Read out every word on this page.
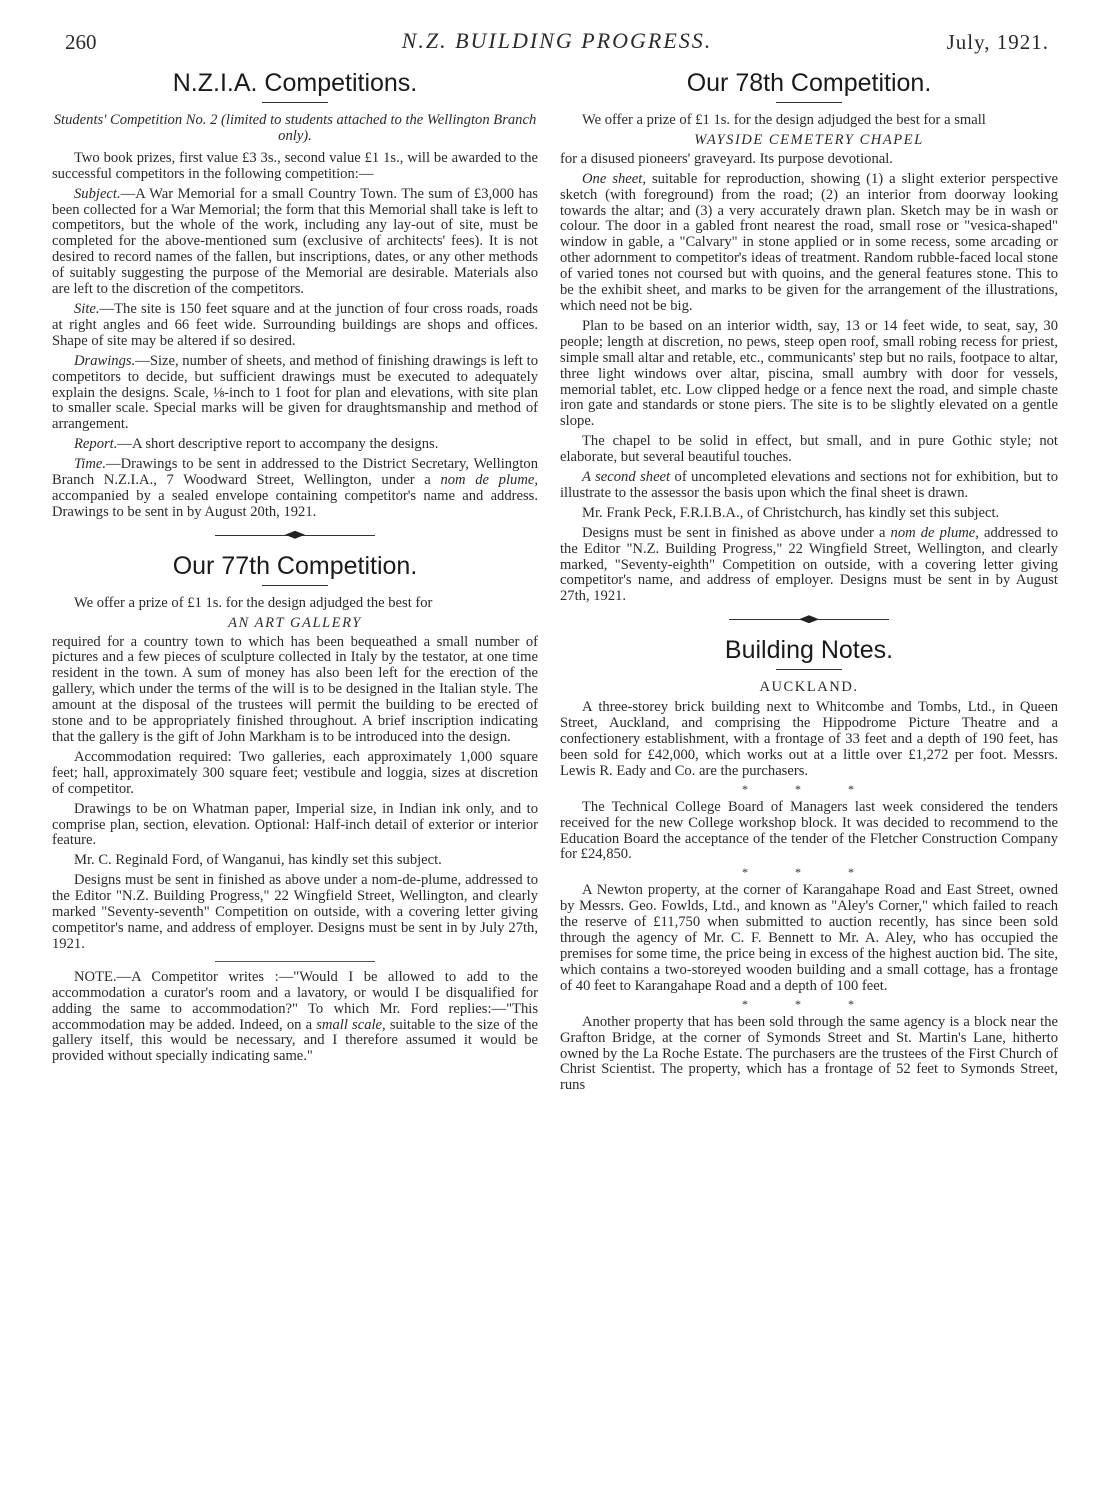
260	N.Z. BUILDING PROGRESS.	July, 1921.
N.Z.I.A. Competitions.

Students' Competition No. 2 (limited to students attached to the Wellington Branch only).

Two book prizes, first value £3 3s., second value £1 1s., will be awarded to the successful competitors in the following competition:—

Subject.—A War Memorial for a small Country Town. The sum of £3,000 has been collected for a War Memorial; the form that this Memorial shall take is left to competitors, but the whole of the work, including any lay-out of site, must be completed for the above-mentioned sum (exclusive of architects' fees). It is not desired to record names of the fallen, but inscriptions, dates, or any other methods of suitably suggesting the purpose of the Memorial are desirable. Materials also are left to the discretion of the competitors.

Site.—The site is 150 feet square and at the junction of four cross roads, roads at right angles and 66 feet wide. Surrounding buildings are shops and offices. Shape of site may be altered if so desired.

Drawings.—Size, number of sheets, and method of finishing drawings is left to competitors to decide, but sufficient drawings must be executed to adequately explain the designs. Scale, ⅛-inch to 1 foot for plan and elevations, with site plan to smaller scale. Special marks will be given for draughtsmanship and method of arrangement.

Report.—A short descriptive report to accompany the designs.

Time.—Drawings to be sent in addressed to the District Secretary, Wellington Branch N.Z.I.A., 7 Woodward Street, Wellington, under a nom de plume, accompanied by a sealed envelope containing competitor's name and address. Drawings to be sent in by August 20th, 1921.

Our 77th Competition.

We offer a prize of £1 1s. for the design adjudged the best for

AN ART GALLERY

required for a country town to which has been bequeathed a small number of pictures and a few pieces of sculpture collected in Italy by the testator, at one time resident in the town. A sum of money has also been left for the erection of the gallery, which under the terms of the will is to be designed in the Italian style. The amount at the disposal of the trustees will permit the building to be erected of stone and to be appropriately finished throughout. A brief inscription indicating that the gallery is the gift of John Markham is to be introduced into the design.

Accommodation required: Two galleries, each approximately 1,000 square feet; hall, approximately 300 square feet; vestibule and loggia, sizes at discretion of competitor.

Drawings to be on Whatman paper, Imperial size, in Indian ink only, and to comprise plan, section, elevation. Optional: Half-inch detail of exterior or interior feature.

Mr. C. Reginald Ford, of Wanganui, has kindly set this subject.

Designs must be sent in finished as above under a nom-de-plume, addressed to the Editor "N.Z. Building Progress," 22 Wingfield Street, Wellington, and clearly marked "Seventy-seventh" Competition on outside, with a covering letter giving competitor's name, and address of employer. Designs must be sent in by July 27th, 1921.

NOTE.—A Competitor writes :—"Would I be allowed to add to the accommodation a curator's room and a lavatory, or would I be disqualified for adding the same to accommodation?" To which Mr. Ford replies:—"This accommodation may be added. Indeed, on a small scale, suitable to the size of the gallery itself, this would be necessary, and I therefore assumed it would be provided without specially indicating same."

Our 78th Competition.

We offer a prize of £1 1s. for the design adjudged the best for a small

WAYSIDE CEMETERY CHAPEL

for a disused pioneers' graveyard. Its purpose devotional.

One sheet, suitable for reproduction, showing (1) a slight exterior perspective sketch (with foreground) from the road; (2) an interior from doorway looking towards the altar; and (3) a very accurately drawn plan. Sketch may be in wash or colour. The door in a gabled front nearest the road, small rose or "vesica-shaped" window in gable, a "Calvary" in stone applied or in some recess, some arcading or other adornment to competitor's ideas of treatment. Random rubble-faced local stone of varied tones not coursed but with quoins, and the general features stone. This to be the exhibit sheet, and marks to be given for the arrangement of the illustrations, which need not be big.

Plan to be based on an interior width, say, 13 or 14 feet wide, to seat, say, 30 people; length at discretion, no pews, steep open roof, small robing recess for priest, simple small altar and retable, etc., communicants' step but no rails, footpace to altar, three light windows over altar, piscina, small aumbry with door for vessels, memorial tablet, etc. Low clipped hedge or a fence next the road, and simple chaste iron gate and standards or stone piers. The site is to be slightly elevated on a gentle slope.

The chapel to be solid in effect, but small, and in pure Gothic style; not elaborate, but several beautiful touches.

A second sheet of uncompleted elevations and sections not for exhibition, but to illustrate to the assessor the basis upon which the final sheet is drawn.

Mr. Frank Peck, F.R.I.B.A., of Christchurch, has kindly set this subject.

Designs must be sent in finished as above under a nom de plume, addressed to the Editor "N.Z. Building Progress," 22 Wingfield Street, Wellington, and clearly marked, "Seventy-eighth" Competition on outside, with a covering letter giving competitor's name, and address of employer. Designs must be sent in by August 27th, 1921.

Building Notes.

AUCKLAND.

A three-storey brick building next to Whitcombe and Tombs, Ltd., in Queen Street, Auckland, and comprising the Hippodrome Picture Theatre and a confectionery establishment, with a frontage of 33 feet and a depth of 190 feet, has been sold for £42,000, which works out at a little over £1,272 per foot. Messrs. Lewis R. Eady and Co. are the purchasers.

* * *

The Technical College Board of Managers last week considered the tenders received for the new College workshop block. It was decided to recommend to the Education Board the acceptance of the tender of the Fletcher Construction Company for £24,850.

* * *

A Newton property, at the corner of Karangahape Road and East Street, owned by Messrs. Geo. Fowlds, Ltd., and known as "Aley's Corner," which failed to reach the reserve of £11,750 when submitted to auction recently, has since been sold through the agency of Mr. C. F. Bennett to Mr. A. Aley, who has occupied the premises for some time, the price being in excess of the highest auction bid. The site, which contains a two-storeyed wooden building and a small cottage, has a frontage of 40 feet to Karangahape Road and a depth of 100 feet.

* * *

Another property that has been sold through the same agency is a block near the Grafton Bridge, at the corner of Symonds Street and St. Martin's Lane, hitherto owned by the La Roche Estate. The purchasers are the trustees of the First Church of Christ Scientist. The property, which has a frontage of 52 feet to Symonds Street, runs
